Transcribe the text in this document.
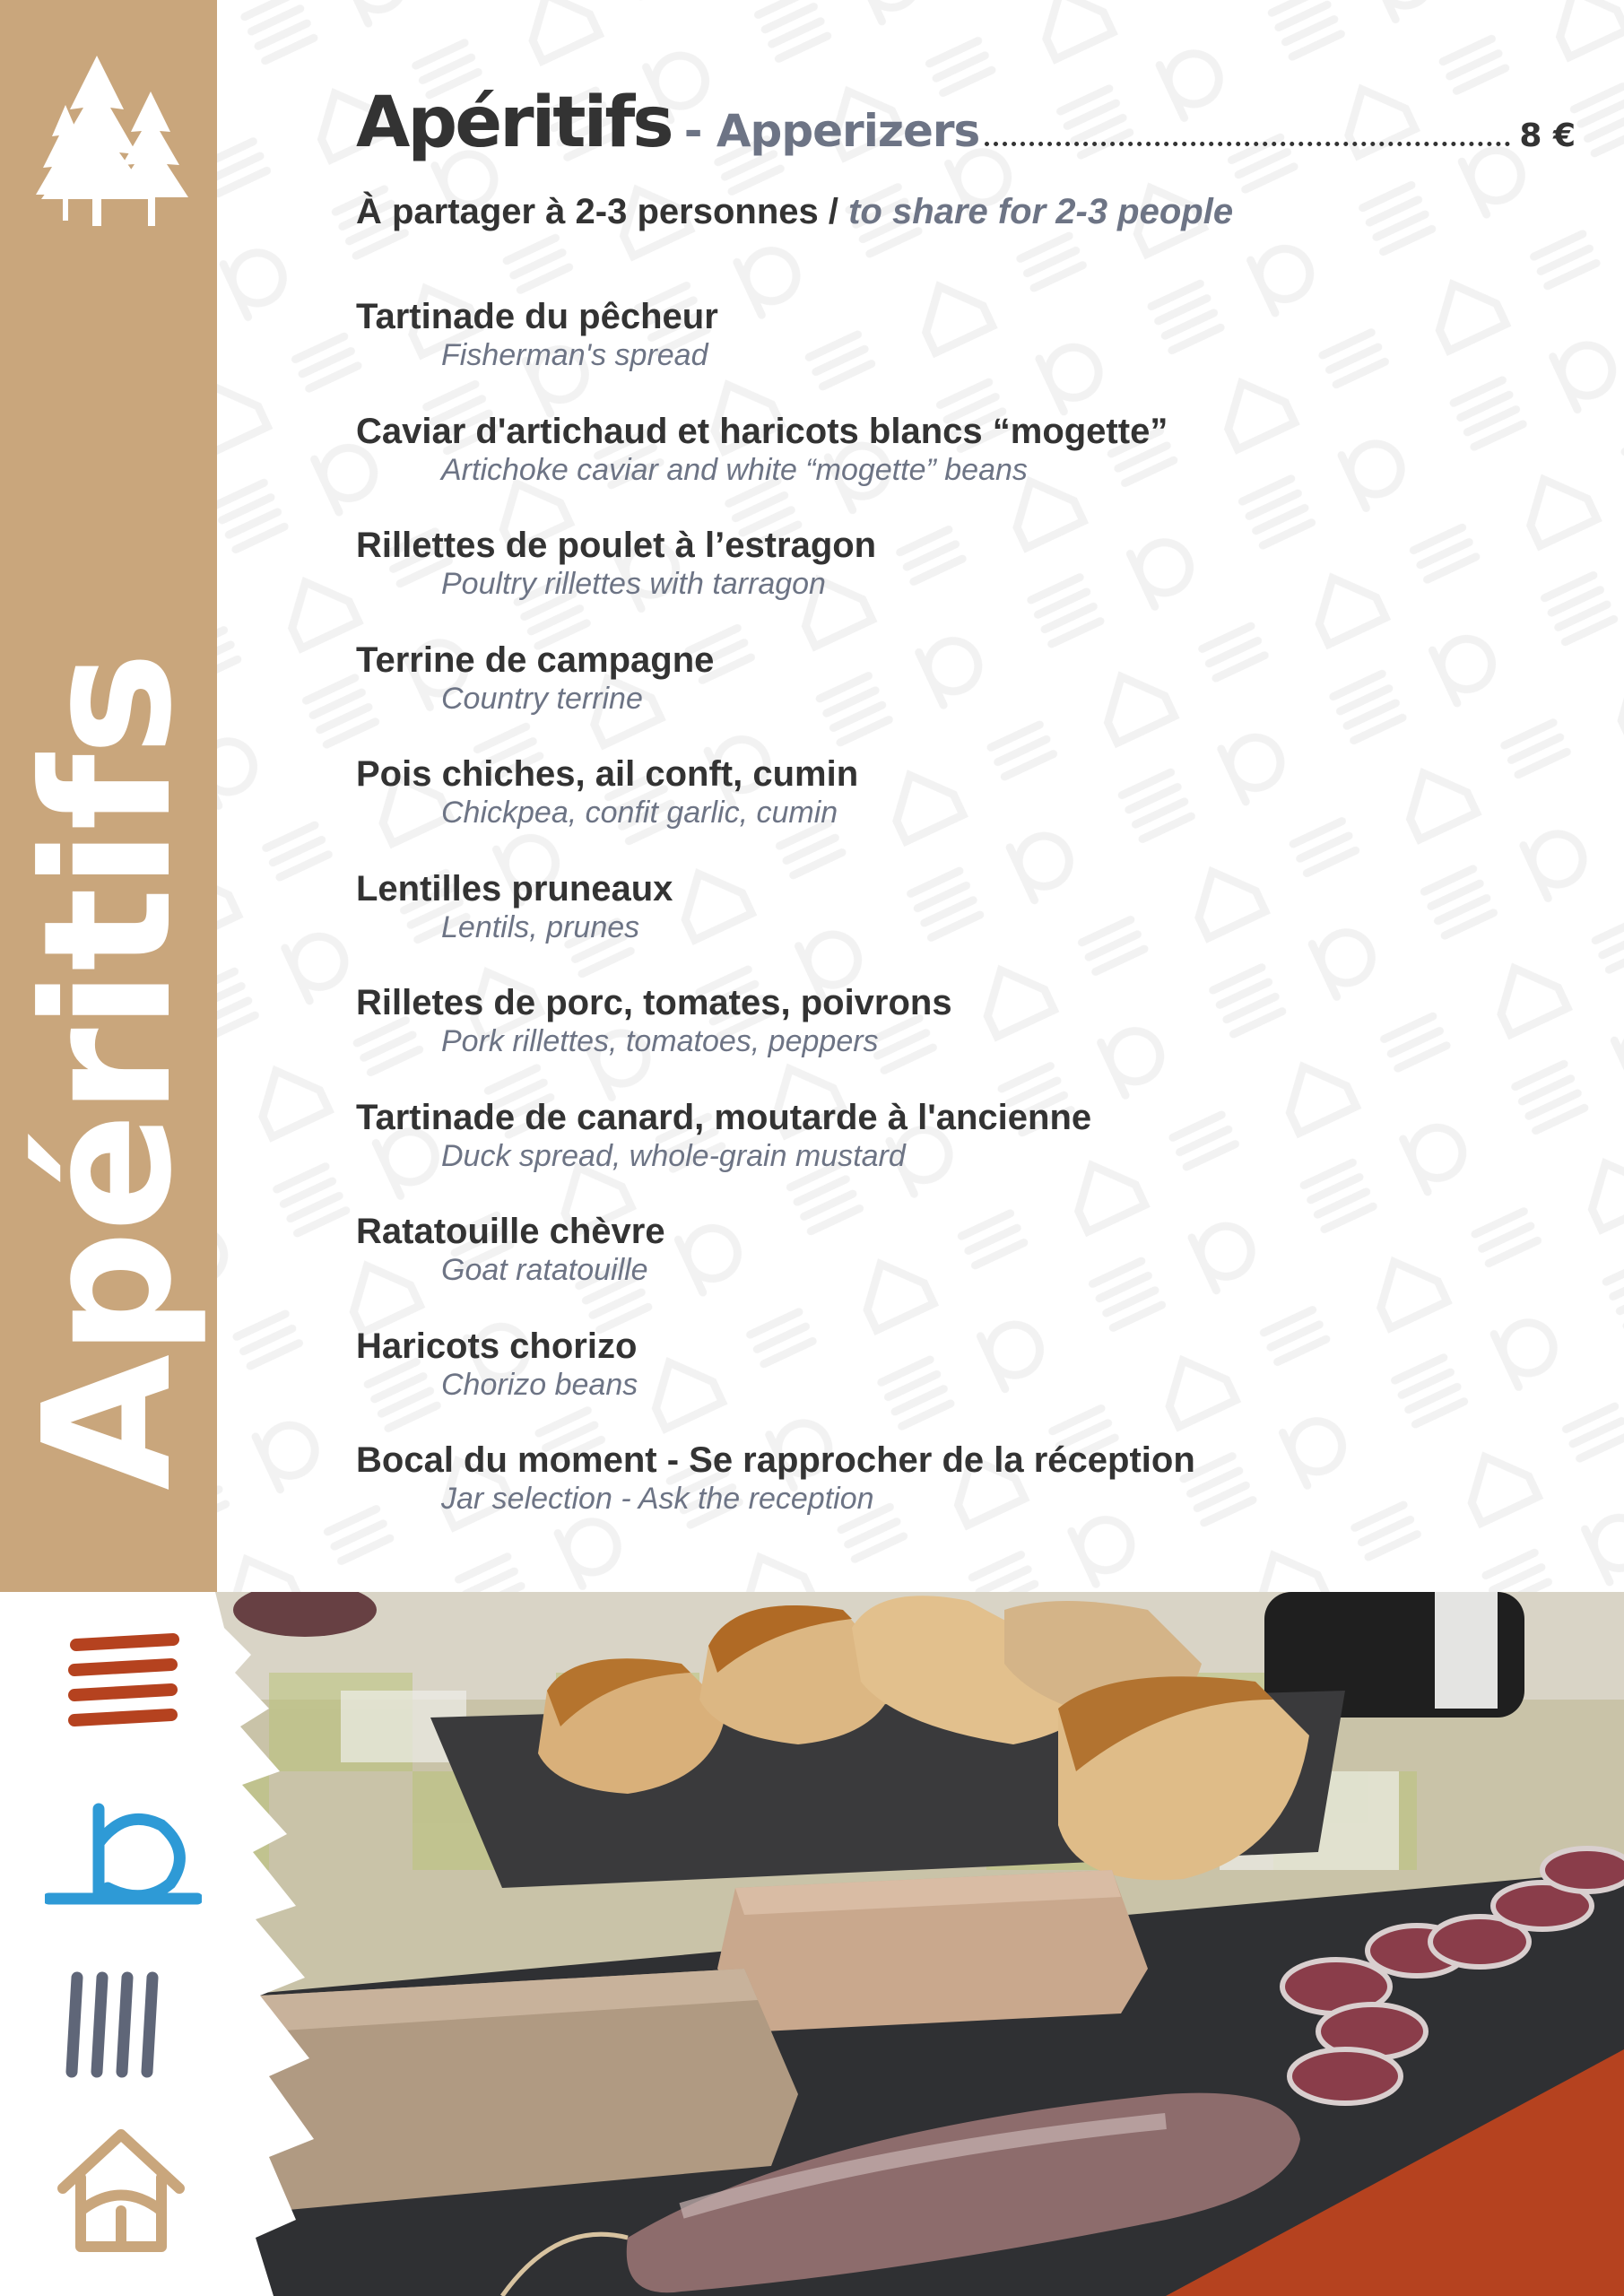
Apéritifs
Apéritifs - Apperizers	8 €
À partager à 2-3 personnes / to share for 2-3 people
Tartinade du pêcheur
Fisherman's spread
Caviar d'artichaud et haricots blancs “mogette”
Artichoke caviar and white “mogette” beans
Rillettes de poulet à l’estragon
Poultry rillettes with tarragon
Terrine de campagne
Country terrine
Pois chiches, ail conft, cumin
Chickpea, confit garlic, cumin
Lentilles pruneaux
Lentils, prunes
Rilletes de porc, tomates, poivrons
Pork rillettes, tomatoes, peppers
Tartinade de canard, moutarde à l'ancienne
Duck spread, whole-grain mustard
Ratatouille chèvre
Goat ratatouille
Haricots chorizo
Chorizo beans
Bocal du moment - Se rapprocher de la réception
Jar selection - Ask the reception
